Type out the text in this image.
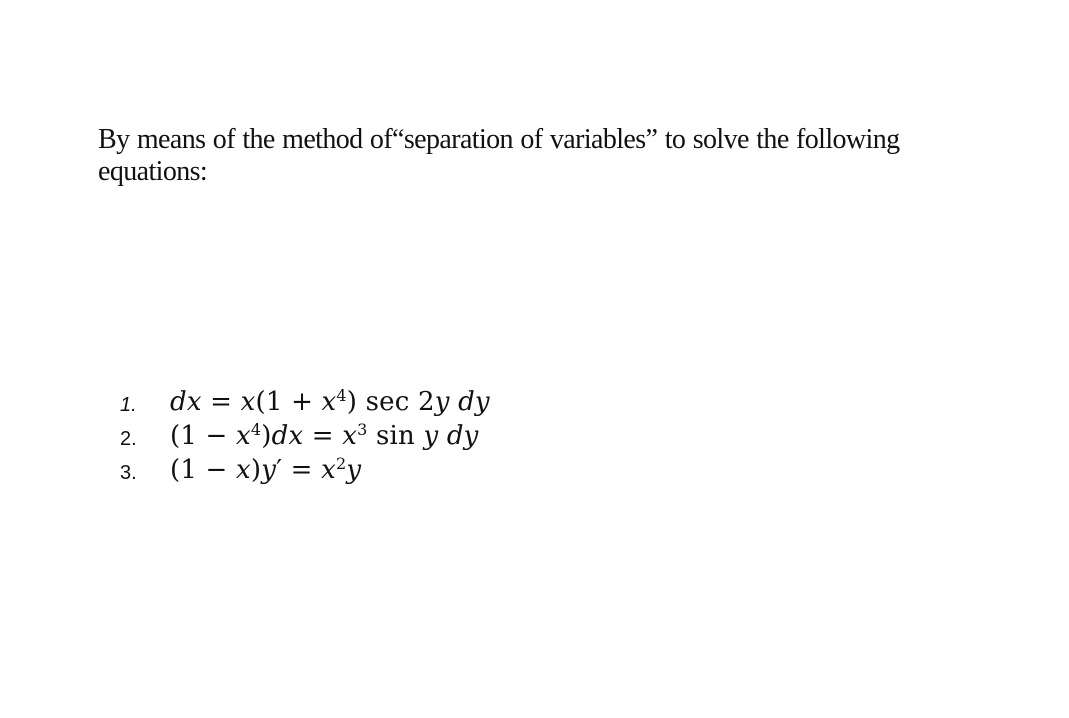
By means of the method of“separation of variables” to solve the following
equations:
1. dx = $x(1 + x^4)$ sec 2y dy
2. $(1 - x^4)dx = x^3$ sin y dy
3. $(1 - x)y' = x^2y$
